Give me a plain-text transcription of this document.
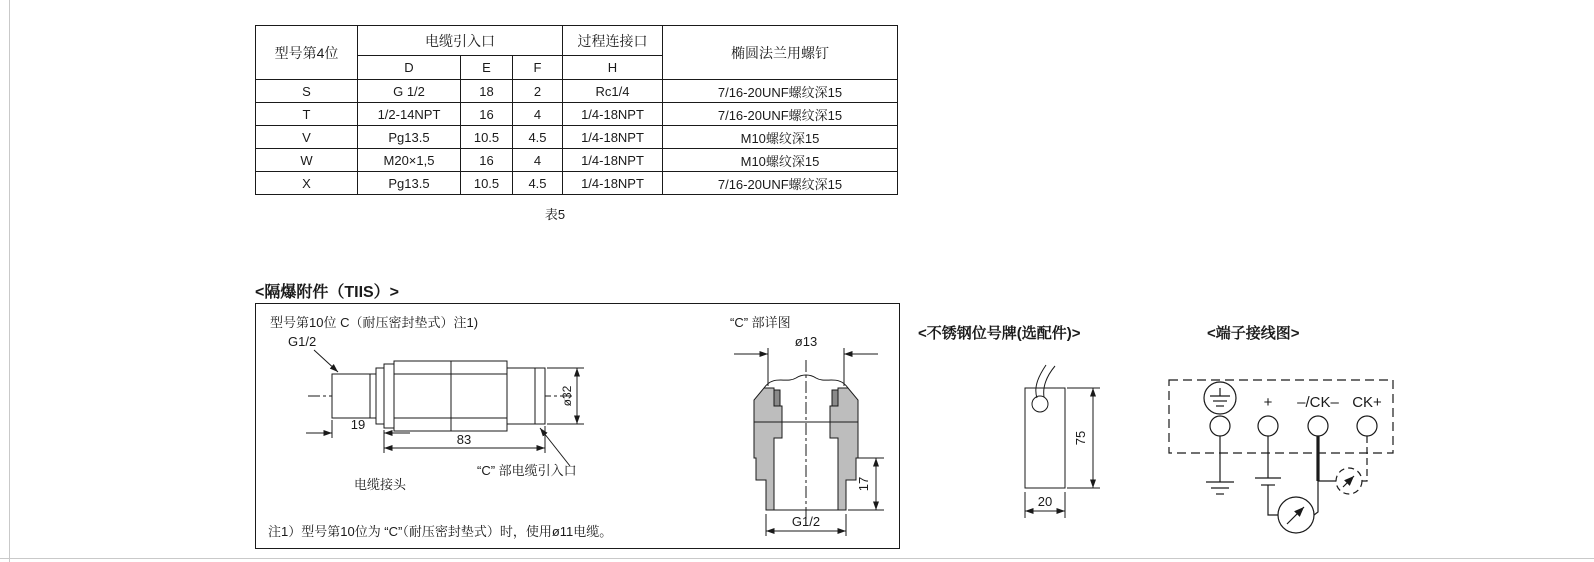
型号第4位	电缆引入口			过程连接口	椭圆法兰用螺钉
	D	E	F	H	
S	G 1/2	18	2	Rc1/4	7/16-20UNF螺纹深15
T	1/2-14NPT	16	4	1/4-18NPT	7/16-20UNF螺纹深15
V	Pg13.5	10.5	4.5	1/4-18NPT	M10螺纹深15
W	M20×1,5	16	4	1/4-18NPT	M10螺纹深15
X	Pg13.5	10.5	4.5	1/4-18NPT	7/16-20UNF螺纹深15
表5
<隔爆附件（TIIS）>
型号第10位 C（耐压密封垫式）注1)	“C” 部详图
G1/2
19
83
ø32
电缆接头
“C” 部电缆引入口
ø13
17
G1/2
注1）型号第10位为 “C”（耐压密封垫式）时，使用ø11电缆。
<不锈钢位号牌(选配件)>
75
20
<端子接线图>
+ –/CK– CK+
